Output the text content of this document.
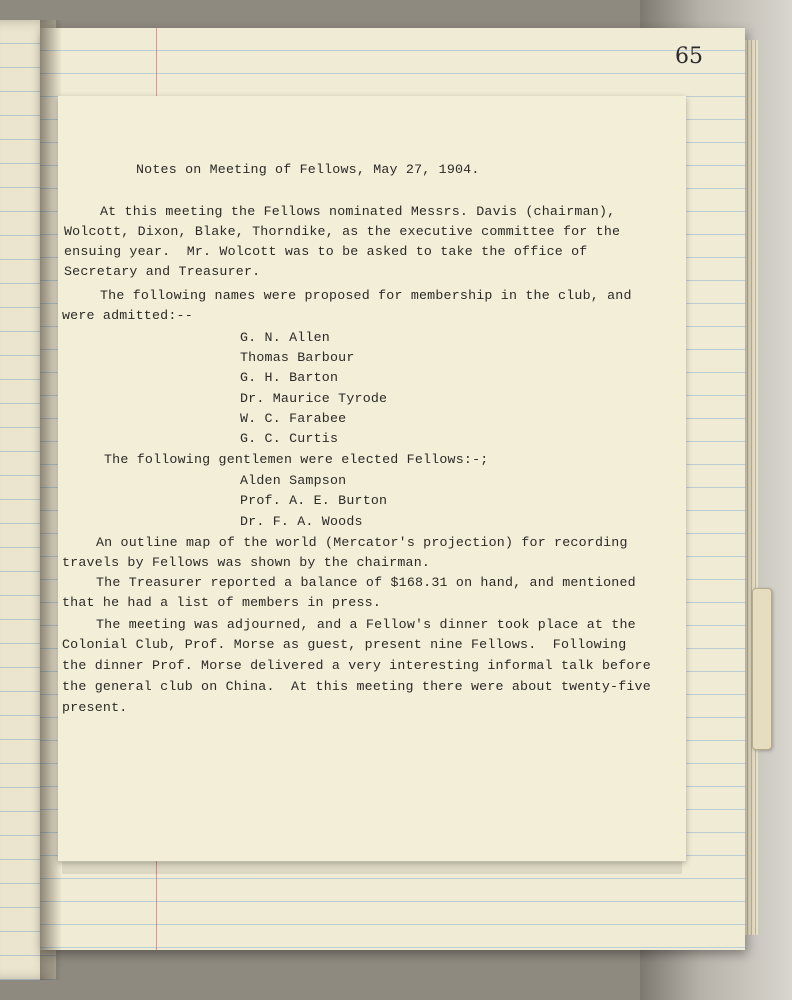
65
Notes on Meeting of Fellows, May 27, 1904.
At this meeting the Fellows nominated Messrs. Davis (chairman),
Wolcott, Dixon, Blake, Thorndike, as the executive committee for the
ensuing year.  Mr. Wolcott was to be asked to take the office of
Secretary and Treasurer.
The following names were proposed for membership in the club, and
were admitted:--
G. N. Allen
Thomas Barbour
G. H. Barton
Dr. Maurice Tyrode
W. C. Farabee
G. C. Curtis
The following gentlemen were elected Fellows:-;
Alden Sampson
Prof. A. E. Burton
Dr. F. A. Woods
An outline map of the world (Mercator's projection) for recording
travels by Fellows was shown by the chairman.
The Treasurer reported a balance of $168.31 on hand, and mentioned
that he had a list of members in press.
The meeting was adjourned, and a Fellow's dinner took place at the
Colonial Club, Prof. Morse as guest, present nine Fellows.  Following
the dinner Prof. Morse delivered a very interesting informal talk before
the general club on China.  At this meeting there were about twenty-five
present.
